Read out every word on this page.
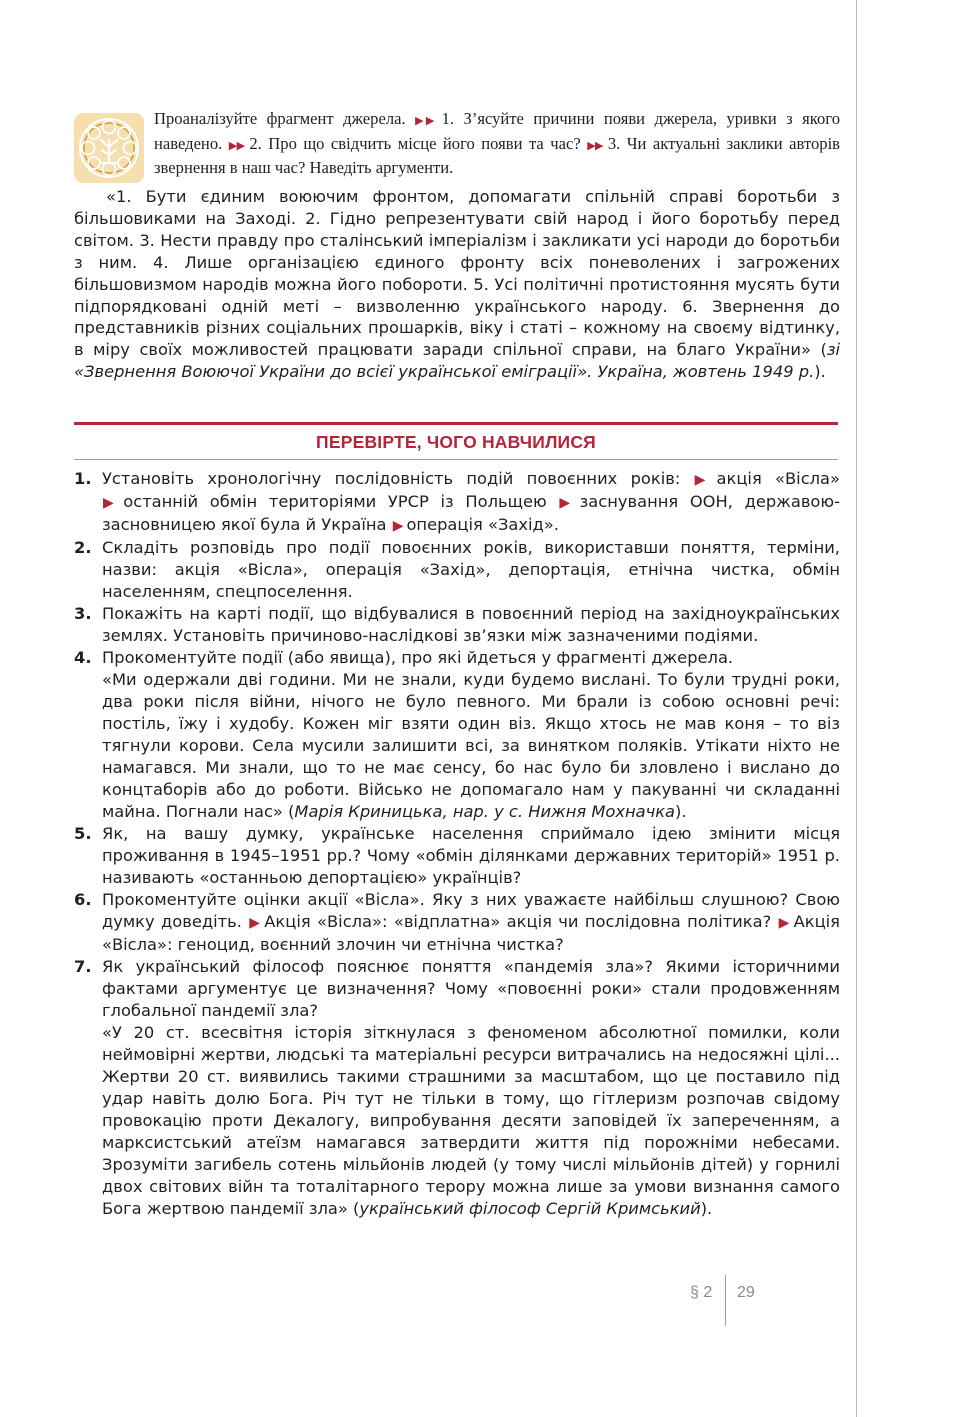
Проаналізуйте фрагмент джерела. ▶▶ 1. З’ясуйте причини появи джерела, уривки з якого наведено. ▶▶ 2. Про що свідчить місце його появи та час? ▶▶ 3. Чи актуальні заклики авторів звернення в наш час? Наведіть аргументи.
«1. Бути єдиним воюючим фронтом, допомагати спільній справі боротьби з більшовиками на Заході. 2. Гідно репрезентувати свій народ і його боротьбу перед світом. 3. Нести правду про сталінський імперіалізм і закликати усі народи до боротьби з ним. 4. Лише організацією єдиного фронту всіх поневолених і загрожених більшовизмом народів можна його побороти. 5. Усі політичні протистояння мусять бути підпорядковані одній меті – визволенню українського народу. 6. Звернення до представників різних соціальних прошарків, віку і статі – кожному на своєму відтинку, в міру своїх можливостей працювати заради спільної справи, на благо України» (зі «Звернення Воюючої України до всієї української еміграції». Україна, жовтень 1949 р.).
ПЕРЕВІРТЕ, ЧОГО НАВЧИЛИСЯ
1. Установіть хронологічну послідовність подій повоєнних років: ▶ акція «Вісла» ▶ останній обмін територіями УРСР із Польщею ▶ заснування ООН, державою-засновницею якої була й Україна ▶ операція «Захід».
2. Складіть розповідь про події повоєнних років, використавши поняття, терміни, назви: акція «Вісла», операція «Захід», депортація, етнічна чистка, обмін населенням, спецпоселення.
3. Покажіть на карті події, що відбувалися в повоєнний період на західноукраїнських землях. Установіть причиново-наслідкові зв’язки між зазначеними подіями.
4. Прокоментуйте події (або явища), про які йдеться у фрагменті джерела.

«Ми одержали дві години. Ми не знали, куди будемо вислані. То були трудні роки, два роки після війни, нічого не було певного. Ми брали із собою основні речі: постіль, їжу і худобу. Кожен міг взяти один віз. Якщо хтось не мав коня – то віз тягнули корови. Села мусили залишити всі, за винятком поляків. Утікати ніхто не намагався. Ми знали, що то не має сенсу, бо нас було би зловлено і вислано до концтаборів або до роботи. Військо не допомагало нам у пакуванні чи складанні майна. Погнали нас» (Марія Криницька, нар. у с. Нижня Мохначка).

5. Як, на вашу думку, українське населення сприймало ідею змінити місця проживання в 1945–1951 рр.? Чому «обмін ділянками державних територій» 1951 р. називають «останньою депортацією» українців?
6. Прокоментуйте оцінки акції «Вісла». Яку з них уважаєте найбільш слушною? Свою думку доведіть. ▶ Акція «Вісла»: «відплатна» акція чи послідовна політика? ▶ Акція «Вісла»: геноцид, воєнний злочин чи етнічна чистка?
7. Як український філософ пояснює поняття «пандемія зла»? Якими історичними фактами аргументує це визначення? Чому «повоєнні роки» стали продовженням глобальної пандемії зла?

«У 20 ст. всесвітня історія зіткнулася з феноменом абсолютної помилки, коли неймовірні жертви, людські та матеріальні ресурси витрачались на недосяжні цілі... Жертви 20 ст. виявились такими страшними за масштабом, що це поставило під удар навіть долю Бога. Річ тут не тільки в тому, що гітлеризм розпочав свідому провокацію проти Декалогу, випробування десяти заповідей їх запереченням, а марксистський атеїзм намагався затвердити життя під порожніми небесами. Зрозуміти загибель сотень мільйонів людей (у тому числі мільйонів дітей) у горнилі двох світових війн та тоталітарного терору можна лише за умови визнання самого Бога жертвою пандемії зла» (український філософ Сергій Кримський).

§ 2 29
